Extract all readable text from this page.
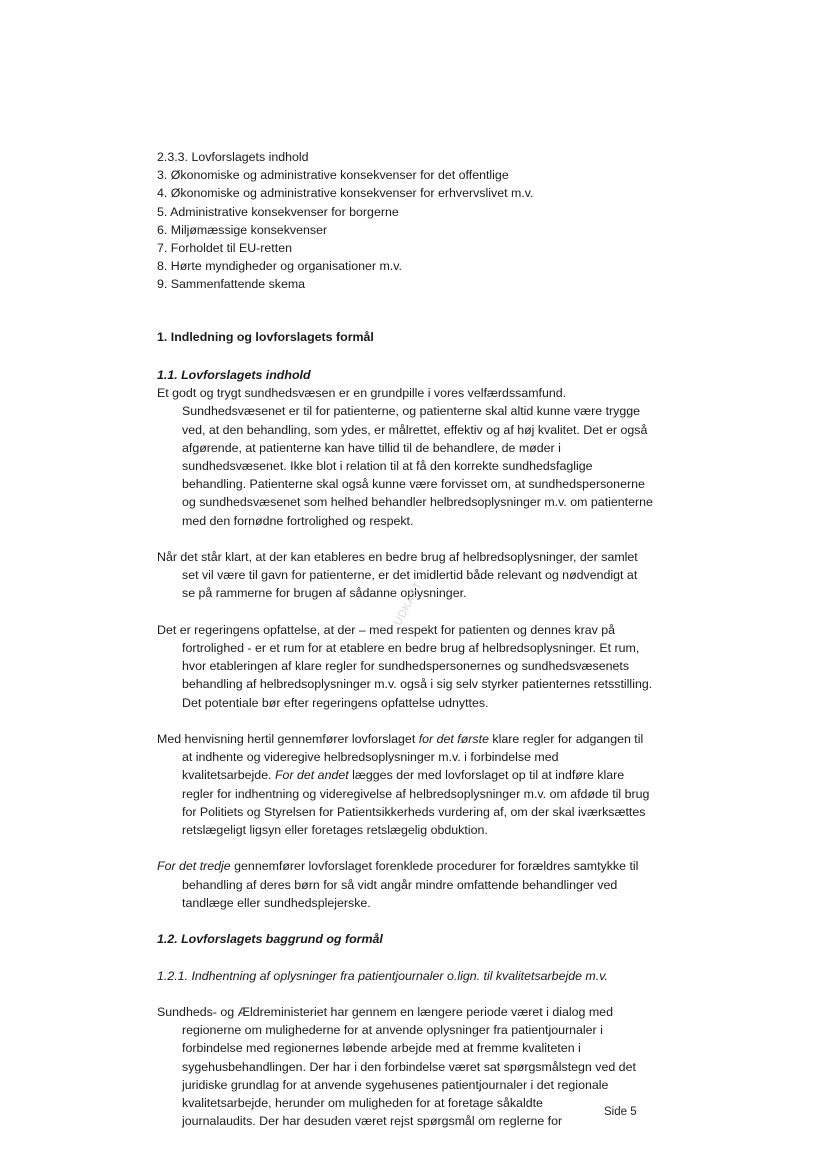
2.3.3. Lovforslagets indhold
3. Økonomiske og administrative konsekvenser for det offentlige
4. Økonomiske og administrative konsekvenser for erhvervslivet m.v.
5. Administrative konsekvenser for borgerne
6. Miljømæssige konsekvenser
7. Forholdet til EU-retten
8. Hørte myndigheder og organisationer m.v.
9. Sammenfattende skema
1. Indledning og lovforslagets formål
1.1. Lovforslagets indhold
Et godt og trygt sundhedsvæsen er en grundpille i vores velfærdssamfund.
Sundhedsvæsenet er til for patienterne, og patienterne skal altid kunne være trygge
ved, at den behandling, som ydes, er målrettet, effektiv og af høj kvalitet. Det er også
afgørende, at patienterne kan have tillid til de behandlere, de møder i
sundhedsvæsenet. Ikke blot i relation til at få den korrekte sundhedsfaglige
behandling. Patienterne skal også kunne være forvisset om, at sundhedspersonerne
og sundhedsvæsenet som helhed behandler helbredsoplysninger m.v. om patienterne
med den fornødne fortrolighed og respekt.
Når det står klart, at der kan etableres en bedre brug af helbredsoplysninger, der samlet
set vil være til gavn for patienterne, er det imidlertid både relevant og nødvendigt at
se på rammerne for brugen af sådanne oplysninger.
Det er regeringens opfattelse, at der – med respekt for patienten og dennes krav på
fortrolighed - er et rum for at etablere en bedre brug af helbredsoplysninger. Et rum,
hvor etableringen af klare regler for sundhedspersonernes og sundhedsvæsenets
behandling af helbredsoplysninger m.v. også i sig selv styrker patienternes retsstilling.
Det potentiale bør efter regeringens opfattelse udnyttes.
Med henvisning hertil gennemfører lovforslaget for det første klare regler for adgangen til
at indhente og videregive helbredsoplysninger m.v. i forbindelse med
kvalitetsarbejde. For det andet lægges der med lovforslaget op til at indføre klare
regler for indhentning og videregivelse af helbredsoplysninger m.v. om afdøde til brug
for Politiets og Styrelsen for Patientsikkerheds vurdering af, om der skal iværksættes
retslægeligt ligsyn eller foretages retslægelig obduktion.
For det tredje gennemfører lovforslaget forenklede procedurer for forældres samtykke til
behandling af deres børn for så vidt angår mindre omfattende behandlinger ved
tandlæge eller sundhedsplejerske.
1.2. Lovforslagets baggrund og formål
1.2.1. Indhentning af oplysninger fra patientjournaler o.lign. til kvalitetsarbejde m.v.
Sundheds- og Ældreministeriet har gennem en længere periode været i dialog med
regionerne om mulighederne for at anvende oplysninger fra patientjournaler i
forbindelse med regionernes løbende arbejde med at fremme kvaliteten i
sygehusbehandlingen. Der har i den forbindelse været sat spørgsmålstegn ved det
juridiske grundlag for at anvende sygehusenes patientjournaler i det regionale
kvalitetsarbejde, herunder om muligheden for at foretage såkaldte
journalaudits. Der har desuden været rejst spørgsmål om reglerne for
UDKAST
Side 5
